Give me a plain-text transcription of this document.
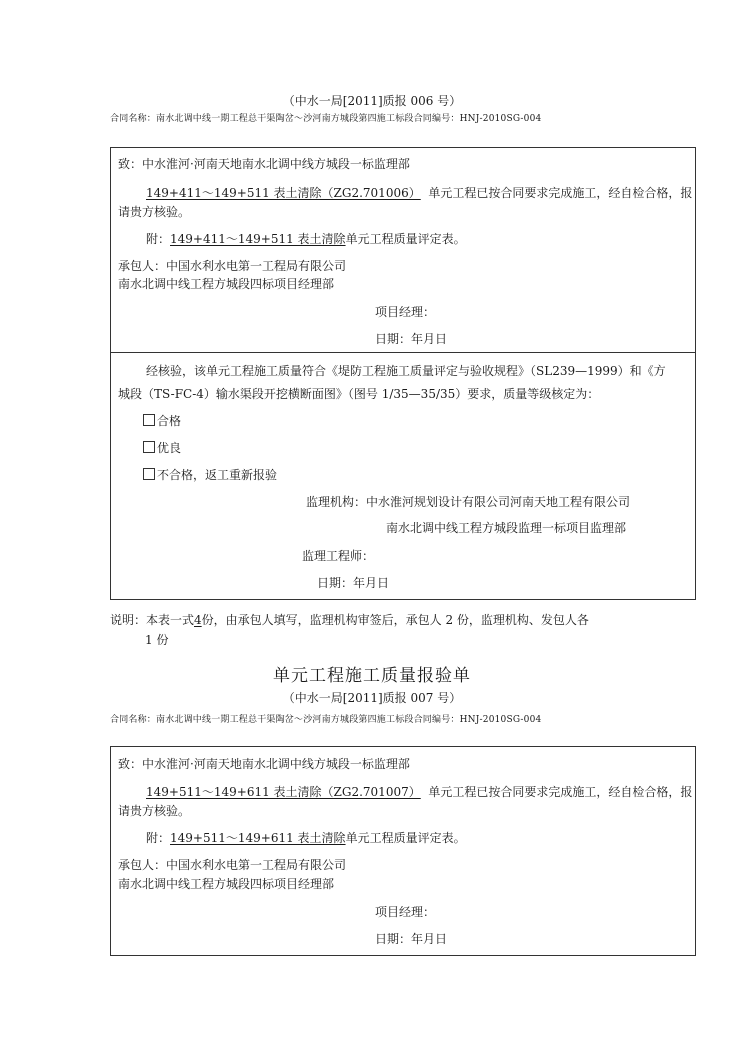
（中水一局[2011]质报 006 号）
合同名称：南水北调中线一期工程总干渠陶岔～沙河南方城段第四施工标段合同编号：HNJ-2010SG-004
致：中水淮河·河南天地南水北调中线方城段一标监理部
149+411～149+511 表土清除（ZG2.701006） 单元工程已按合同要求完成施工，经自检合格，报
请贵方核验。
附：149+411～149+511 表土清除单元工程质量评定表。
承包人：中国水利水电第一工程局有限公司
南水北调中线工程方城段四标项目经理部
项目经理：
日期：年月日
经核验，该单元工程施工质量符合《堤防工程施工质量评定与验收规程》（SL239—1999）和《方
城段（TS-FC-4）输水渠段开挖横断面图》（图号 1/35—35/35）要求，质量等级核定为：
合格
优良
不合格，返工重新报验
监理机构：中水淮河规划设计有限公司河南天地工程有限公司
南水北调中线工程方城段监理一标项目监理部
监理工程师：
日期：年月日
说明：本表一式4份，由承包人填写，监理机构审签后，承包人 2 份，监理机构、发包人各
1 份
单元工程施工质量报验单
（中水一局[2011]质报 007 号）
合同名称：南水北调中线一期工程总干渠陶岔～沙河南方城段第四施工标段合同编号：HNJ-2010SG-004
致：中水淮河·河南天地南水北调中线方城段一标监理部
149+511～149+611 表土清除（ZG2.701007） 单元工程已按合同要求完成施工，经自检合格，报
请贵方核验。
附：149+511～149+611 表土清除单元工程质量评定表。
承包人：中国水利水电第一工程局有限公司
南水北调中线工程方城段四标项目经理部
项目经理：
日期：年月日
